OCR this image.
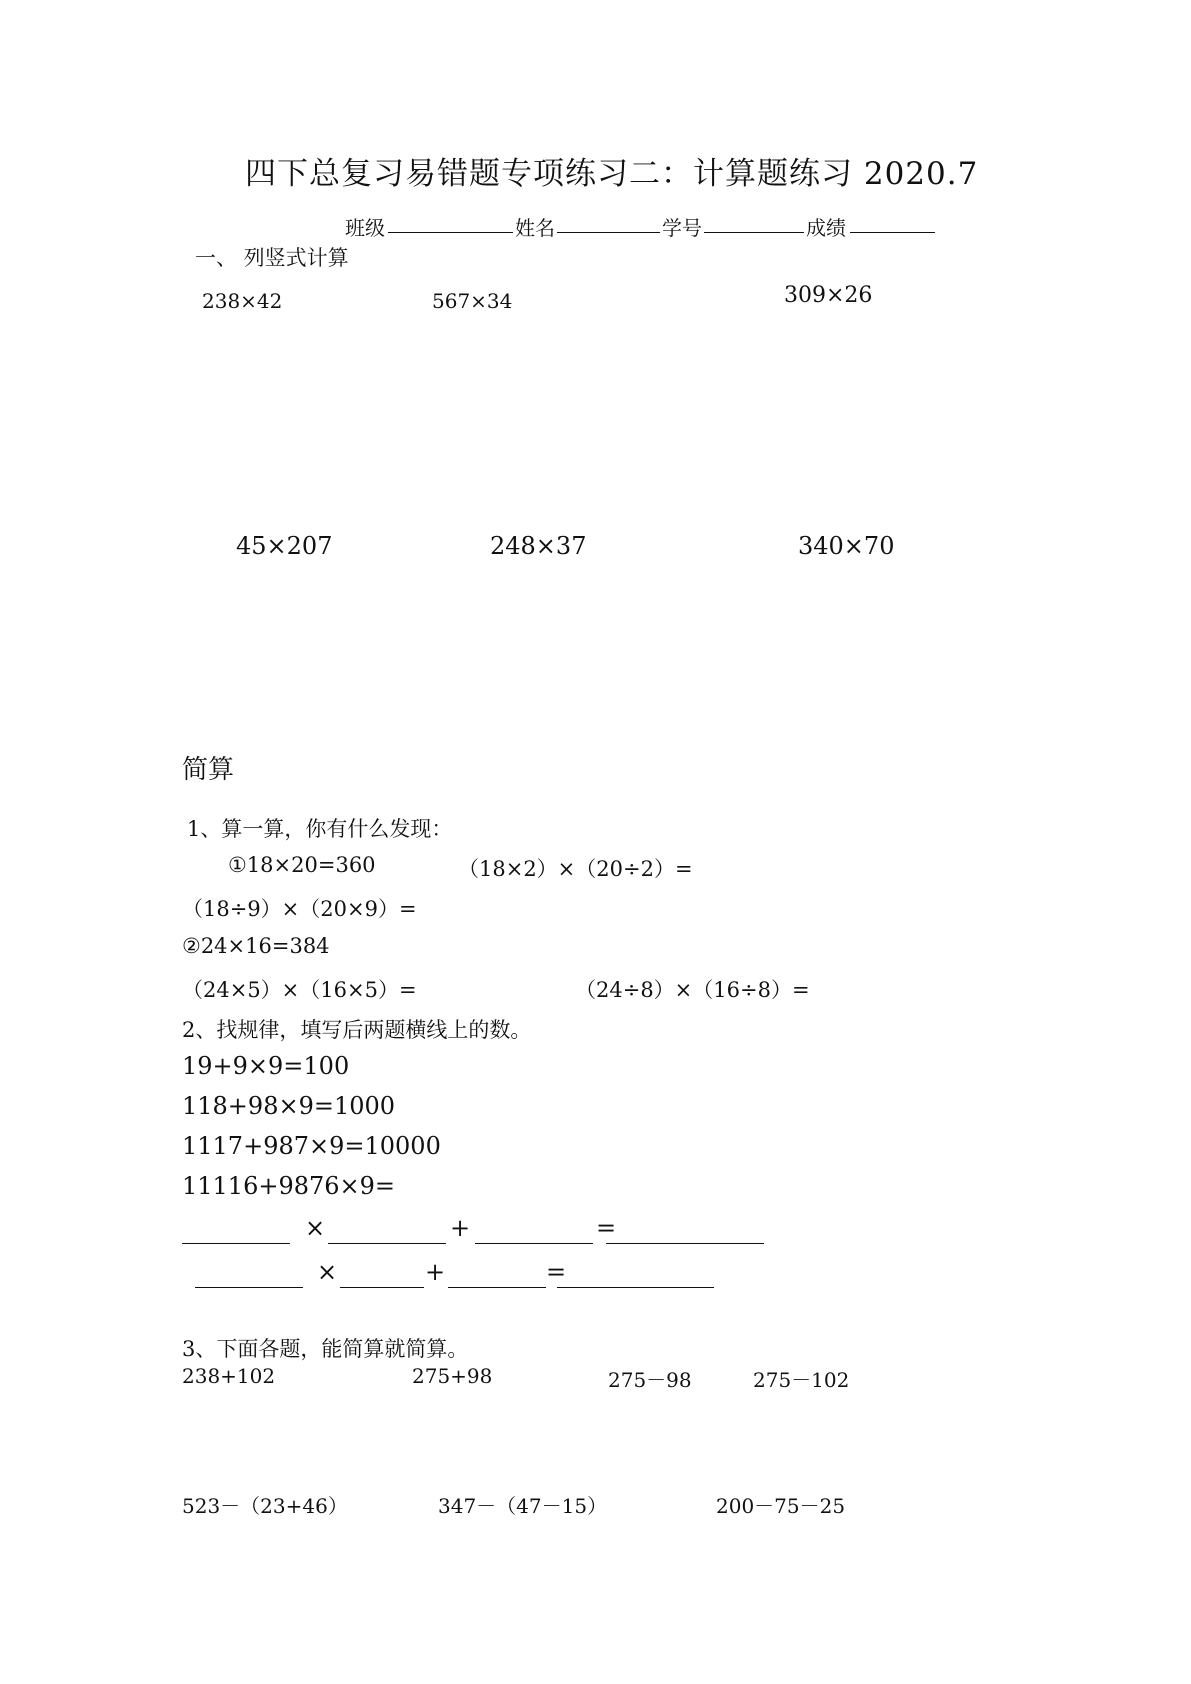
四下总复习易错题专项练习二：计算题练习 2020.7
班级	姓名	学号	成绩
一、 列竖式计算
238×42	567×34	309×26
45×207	248×37	340×70
简算
1、算一算，你有什么发现：
①18×20=360	（18×2）×（20÷2）=
（18÷9）×（20×9）=
②24×16=384
（24×5）×（16×5）=	（24÷8）×（16÷8）=
2、找规律，填写后两题横线上的数。
19+9×9=100
118+98×9=1000
1117+987×9=10000
11116+9876×9=
×	+	=
×	+	=
3、下面各题，能简算就简算。
238+102	275+98	275－98	275－102
523－（23+46）	347－（47－15）	200－75－25
